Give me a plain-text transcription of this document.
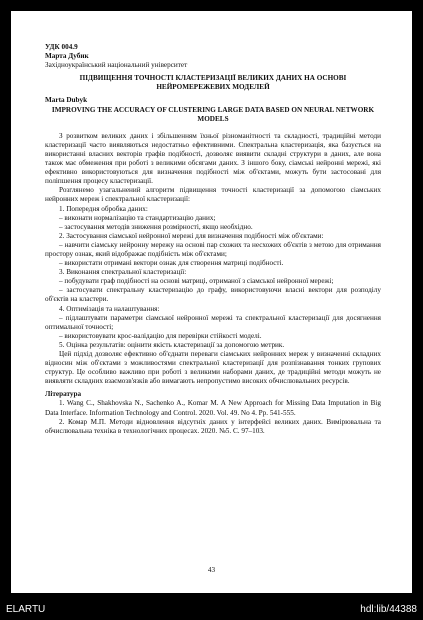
УДК 004.9
Марта Дубик
Західноукраїнський національний університет
ПІДВИЩЕННЯ ТОЧНОСТІ КЛАСТЕРИЗАЦІЇ ВЕЛИКИХ ДАНИХ НА ОСНОВІ НЕЙРОМЕРЕЖЕВИХ МОДЕЛЕЙ
Marta Dubyk
IMPROVING THE ACCURACY OF CLUSTERING LARGE DATA BASED ON NEURAL NETWORK MODELS
З розвитком великих даних і збільшенням їхньої різноманітності та складності, традиційні методи кластеризації часто виявляються недостатньо ефективними. Спектральна кластеризація, яка базується на використанні власних векторів графів подібності, дозволяє виявити складні структури в даних, але вона також має обмеження при роботі з великими обсягами даних. З іншого боку, сіамські нейронні мережі, які ефективно використовуються для визначення подібності між об'єктами, можуть бути застосовані для поліпшення процесу кластеризації.
Розглянемо узагальнений алгоритм підвищення точності кластеризації за допомогою сіамських нейронних мереж і спектральної кластеризації:
1. Попередня обробка даних:
– виконати нормалізацію та стандартизацію даних;
– застосування методів зниження розмірності, якщо необхідно.
2. Застосування сіамської нейронної мережі для визначення подібності між об'єктами:
– навчити сіамську нейронну мережу на основі пар схожих та несхожих об'єктів з метою для отримання простору ознак, який відображає подібність між об'єктами;
– використати отримані вектори ознак для створення матриці подібності.
3. Виконання спектральної кластеризації:
– побудувати граф подібності на основі матриці, отриманої з сіамської нейронної мережі;
– застосувати спектральну кластеризацію до графу, використовуючи власні вектори для розподілу об'єктів на кластери.
4. Оптимізація та налаштування:
– підлаштувати параметри сіамської нейронної мережі та спектральної кластеризації для досягнення оптимальної точності;
– використовувати крос-валідацію для перевірки стійкості моделі.
5. Оцінка результатів: оцінити якість кластеризації за допомогою метрик.
Цей підхід дозволяє ефективно об'єднати переваги сіамських нейронних мереж у визначенні складних відносин між об'єктами з можливостями спектральної кластеризації для розпізнавання тонких групових структур. Це особливо важливо при роботі з великими наборами даних, де традиційні методи можуть не виявляти складних взаємозв'язків або вимагають непропустимо високих обчислювальних ресурсів.
Література
1. Wang C., Shakhovska N., Sachenko A., Komar M. A New Approach for Missing Data Imputation in Big Data Interface. Information Technology and Control. 2020. Vol. 49. No 4. Pp. 541-555.
2. Комар М.П. Методи відновлення відсутніх даних у інтерфейсі великих даних. Вимірювальна та обчислювальна техніка в технологічних процесах. 2020. №5. С. 97–103.
43
ELARTU	hdl:lib/44388
